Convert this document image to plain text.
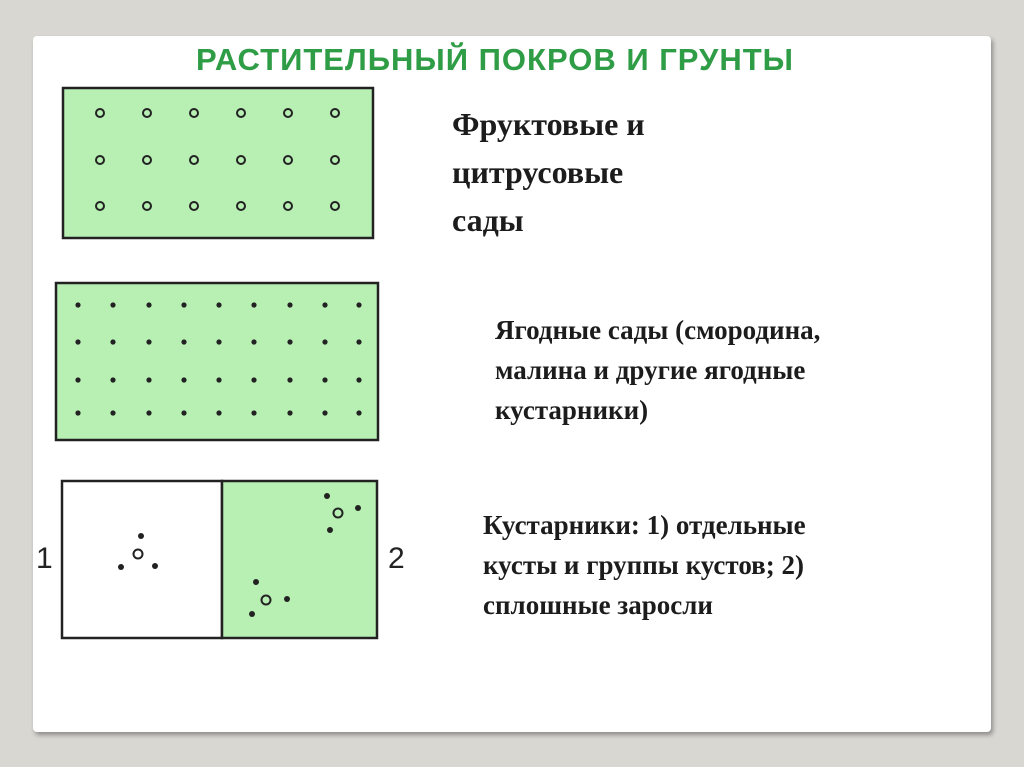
РАСТИТЕЛЬНЫЙ ПОКРОВ И ГРУНТЫ
1	2
Фруктовые и
цитрусовые
сады
Ягодные сады (смородина,
малина и другие ягодные
кустарники)
Кустарники: 1) отдельные
кусты и группы кустов; 2)
сплошные заросли
